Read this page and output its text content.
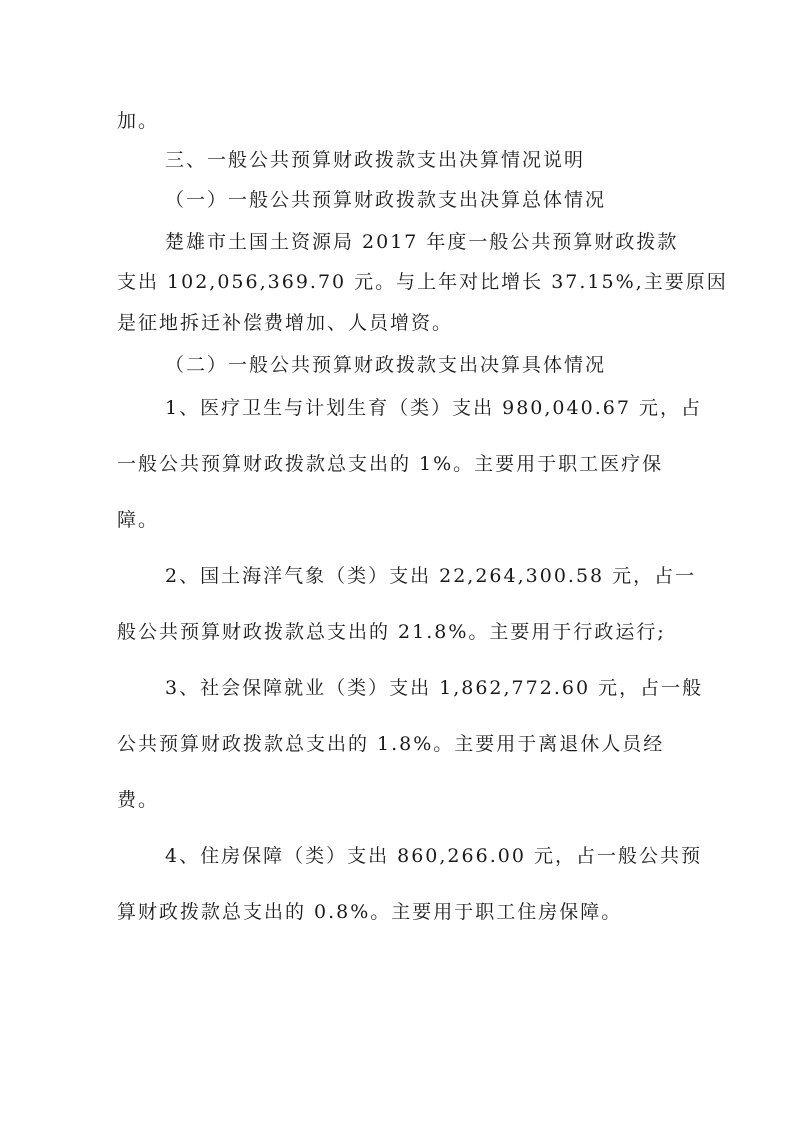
加。
三、一般公共预算财政拨款支出决算情况说明
（一）一般公共预算财政拨款支出决算总体情况
楚雄市土国土资源局 2017 年度一般公共预算财政拨款
支出 102,056,369.70 元。与上年对比增长 37.15%,主要原因
是征地拆迁补偿费增加、人员增资。
（二）一般公共预算财政拨款支出决算具体情况
1、医疗卫生与计划生育（类）支出 980,040.67 元，占
一般公共预算财政拨款总支出的 1%。主要用于职工医疗保
障。
2、国土海洋气象（类）支出 22,264,300.58 元，占一
般公共预算财政拨款总支出的 21.8%。主要用于行政运行;
3、社会保障就业（类）支出 1,862,772.60 元，占一般
公共预算财政拨款总支出的 1.8%。主要用于离退休人员经
费。
4、住房保障（类）支出 860,266.00 元，占一般公共预
算财政拨款总支出的 0.8%。主要用于职工住房保障。
